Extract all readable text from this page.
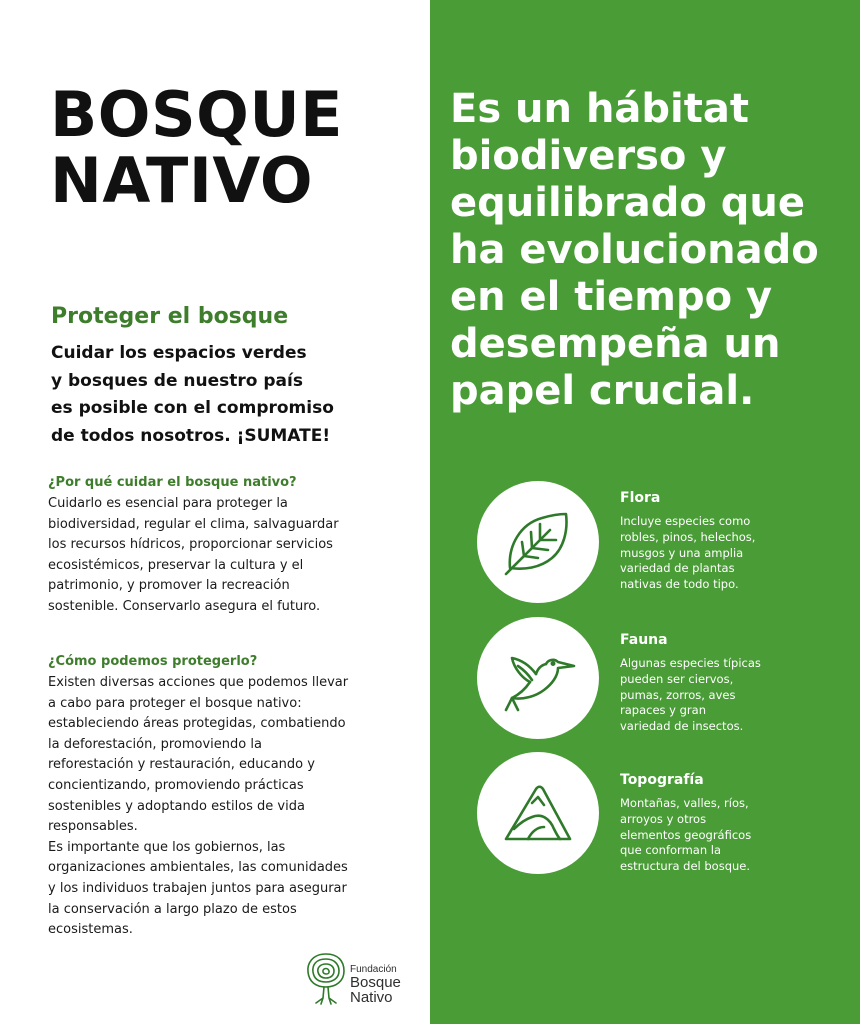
BOSQUE
NATIVO
Proteger el bosque

Cuidar los espacios verdes
y bosques de nuestro país
es posible con el compromiso
de todos nosotros. ¡SUMATE!

¿Por qué cuidar el bosque nativo?

Cuidarlo es esencial para proteger la
biodiversidad, regular el clima, salvaguardar
los recursos hídricos, proporcionar servicios
ecosistémicos, preservar la cultura y el
patrimonio, y promover la recreación
sostenible. Conservarlo asegura el futuro.

¿Cómo podemos protegerlo?

Existen diversas acciones que podemos llevar
a cabo para proteger el bosque nativo:
estableciendo áreas protegidas, combatiendo
la deforestación, promoviendo la
reforestación y restauración, educando y
concientizando, promoviendo prácticas
sostenibles y adoptando estilos de vida
responsables.
Es importante que los gobiernos, las
organizaciones ambientales, las comunidades
y los individuos trabajen juntos para asegurar
la conservación a largo plazo de estos
ecosistemas.

Fundación
Bosque
Nativo
Es un hábitat
biodiverso y
equilibrado que
ha evolucionado
en el tiempo y
desempeña un
papel crucial.
Flora

Incluye especies como
robles, pinos, helechos,
musgos y una amplia
variedad de plantas
nativas de todo tipo.

Fauna

Algunas especies típicas
pueden ser ciervos,
pumas, zorros, aves
rapaces y gran
variedad de insectos.

Topografía

Montañas, valles, ríos,
arroyos y otros
elementos geográficos
que conforman la
estructura del bosque.
